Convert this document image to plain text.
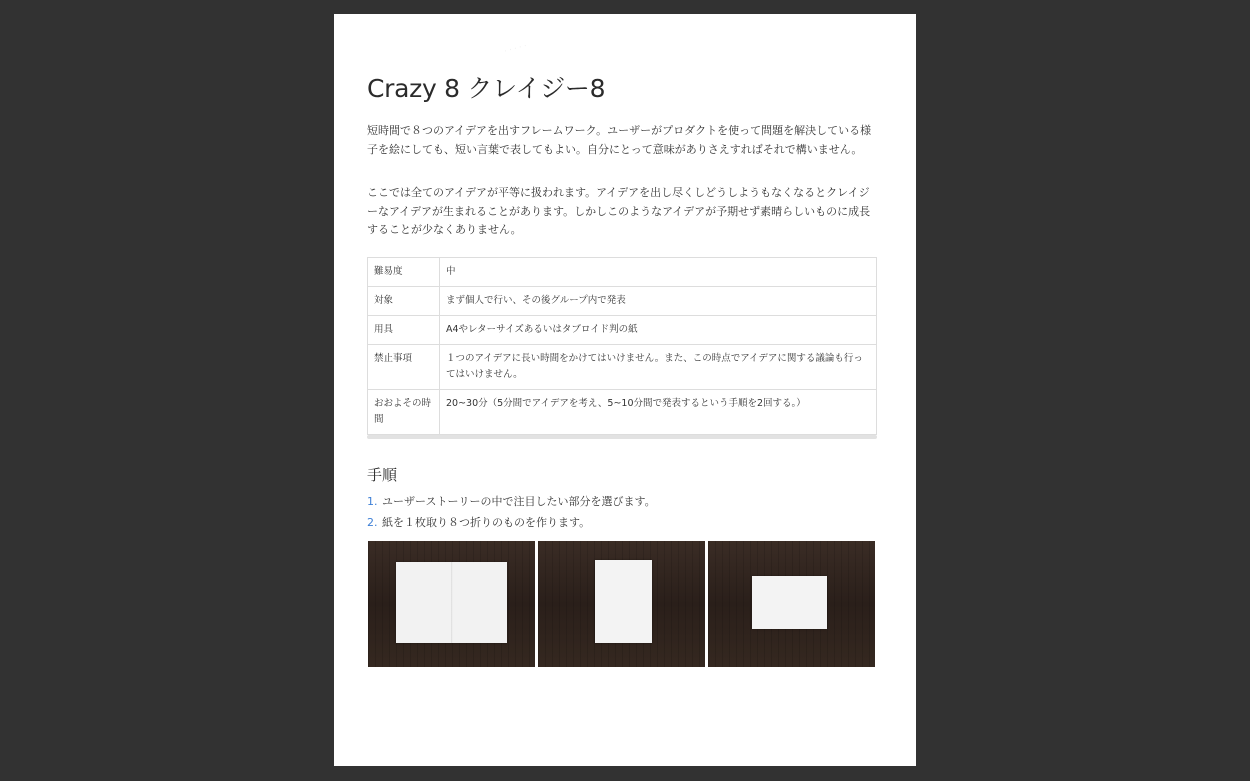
· · · · ·
Crazy 8 クレイジー8

短時間で８つのアイデアを出すフレームワーク。ユーザーがプロダクトを使って問題を解決している様子を絵にしても、短い言葉で表してもよい。自分にとって意味がありさえすればそれで構いません。

ここでは全てのアイデアが平等に扱われます。アイデアを出し尽くしどうしようもなくなるとクレイジーなアイデアが生まれることがあります。しかしこのようなアイデアが予期せず素晴らしいものに成長することが少なくありません。

難易度	中
対象	まず個人で行い、その後グループ内で発表
用具	A4やレターサイズあるいはタブロイド判の紙
禁止事項	１つのアイデアに長い時間をかけてはいけません。また、この時点でアイデアに関する議論も行ってはいけません。
おおよその時間	20~30分（5分間でアイデアを考え、5~10分間で発表するという手順を2回する。）
手順
1. ユーザーストーリーの中で注目したい部分を選びます。
2. 紙を１枚取り８つ折りのものを作ります。
